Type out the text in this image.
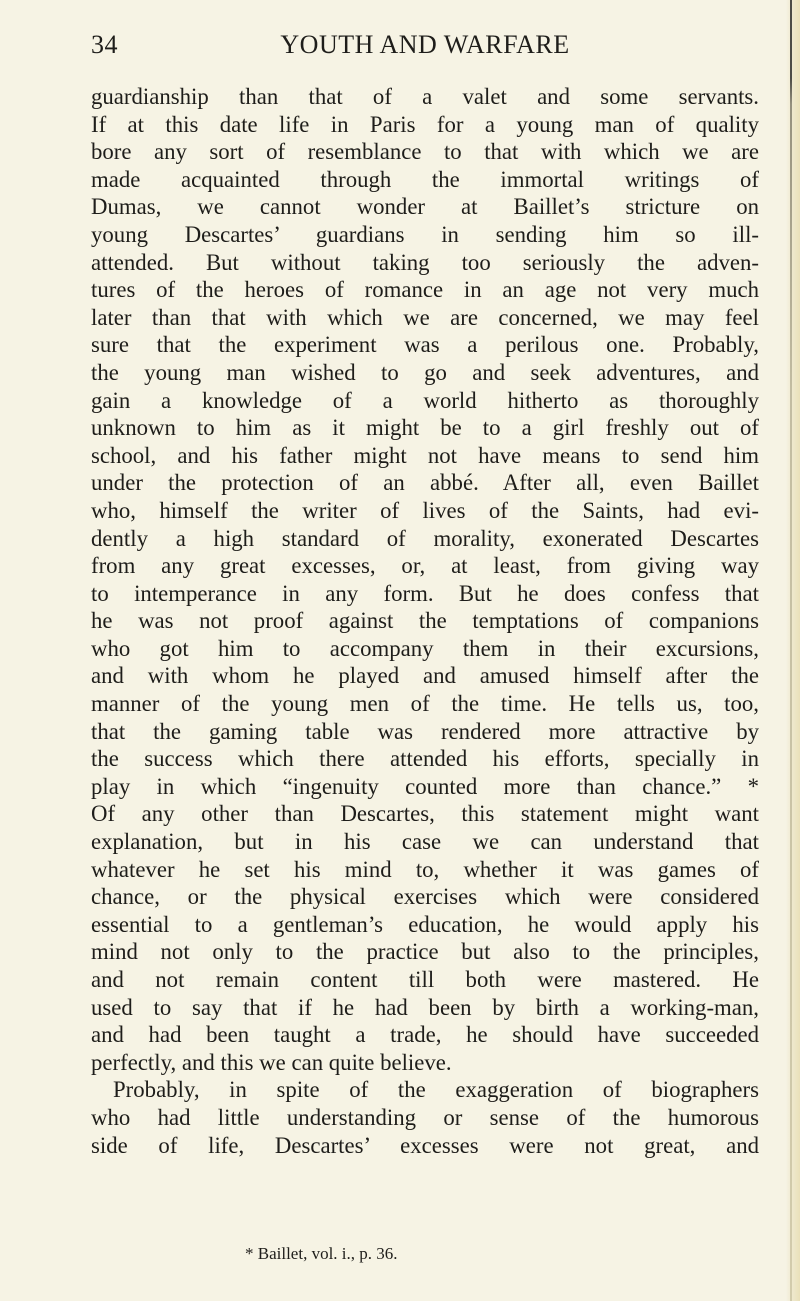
34	YOUTH AND WARFARE
guardianship than that of a valet and some servants.
If at this date life in Paris for a young man of quality
bore any sort of resemblance to that with which we are
made acquainted through the immortal writings of
Dumas, we cannot wonder at Baillet’s stricture on
young Descartes’ guardians in sending him so ill-
attended. But without taking too seriously the adven-
tures of the heroes of romance in an age not very much
later than that with which we are concerned, we may feel
sure that the experiment was a perilous one. Probably,
the young man wished to go and seek adventures, and
gain a knowledge of a world hitherto as thoroughly
unknown to him as it might be to a girl freshly out of
school, and his father might not have means to send him
under the protection of an abbé. After all, even Baillet
who, himself the writer of lives of the Saints, had evi-
dently a high standard of morality, exonerated Descartes
from any great excesses, or, at least, from giving way
to intemperance in any form. But he does confess that
he was not proof against the temptations of companions
who got him to accompany them in their excursions,
and with whom he played and amused himself after the
manner of the young men of the time. He tells us, too,
that the gaming table was rendered more attractive by
the success which there attended his efforts, specially in
play in which “ingenuity counted more than chance.” *
Of any other than Descartes, this statement might want
explanation, but in his case we can understand that
whatever he set his mind to, whether it was games of
chance, or the physical exercises which were considered
essential to a gentleman’s education, he would apply his
mind not only to the practice but also to the principles,
and not remain content till both were mastered. He
used to say that if he had been by birth a working-man,
and had been taught a trade, he should have succeeded
perfectly, and this we can quite believe.
Probably, in spite of the exaggeration of biographers
who had little understanding or sense of the humorous
side of life, Descartes’ excesses were not great, and
* Baillet, vol. i., p. 36.
